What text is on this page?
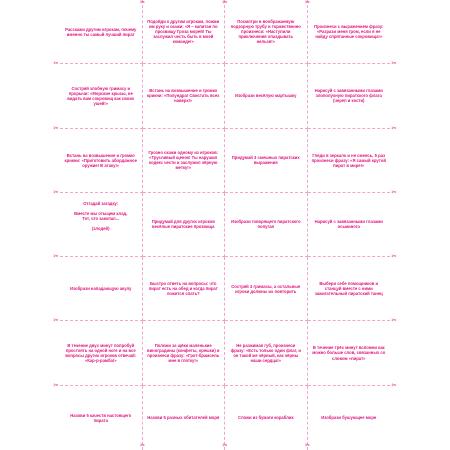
Расскажи другим игрокам, почему именно ты самый лучший пират
Подойди к другим игрокам, пожми им руку и скажи: «Я – капитан по прозвищу Гроза морей! Ты заслужил честь быть в моей команде!»
Посмотри в воображаемую подзорную трубу и торжественно произнеси: «Наступили приключения опаздывать нельзя!»
Произнеси с выражением фразу: «Разрази меня гром, если я не найду спрятанные сокровища!»
Состряй злобную гримасу и прорычи: «Морские крысы, не видать вам сокровищ как своих ушей!»
Встань на возвышение и громко крикни: «Полундра! Свистать всех наверх!»
Изобрази весёлую мартышку
Нарисуй с завязанными глазами злополучную пиратского флага (череп и кости)
Встань на возвышение и громко крикни: «Приготовить абордажное оружие! В атаку!»
Грозно скажи одному из игроков: «Трусливый щенок! Ты нарушил кодекс чести и заслужил чёрную метку!»
Придумай 3 смешных пиратских выражения
Гляди в зеркало и не смеясь, 5 раз произнеси фразу: «Я самый крутой пират в мире!»
Отгадай загадку:

Вместе мы отыщем клад,
Тот, что закопал...

(злодей)
Придумай для других игроков весёлые пиратские прозвища
Изобрази говорящего пиратского попугая
Нарисуй с завязанными глазами осьминога
Изобрази нападающую акулу
Быстро ответь на вопросы: что пират есть на обед и когда пират ложится спать?
Состряй 3 гримасы, а остальные игроки должны их повторить
Выбери себе помощников и станцуй вместе с ними зажигательный пиратский танец
В течение двух минут попробуй простоять на одной ноге и на все вопросы других игроков отвечай: «Кар-р-рамба!»
Положи за щёки маленькие виноградины (конфеты, орешки) и произнеси фразу: «Грот-брамсель мне в глотку!»
Не разжимая губ, произнеси фразу: «Есть только один флаг, и он такой же чёрный, как чёрны наши сердца!»
В течение трёх минут вспомни как можно больше слов, связанных со словом «пират»
Назови 5 качеств настоящего пирата
Назови 5 разных обитателей моря	Сложи из бумаги кораблик	Изобрази бушующее море
✂	✂	✂
✂	✂
✂	✂
✂	✂
✂	✂
✂	✂
✂	✂
✂	✂	✂
